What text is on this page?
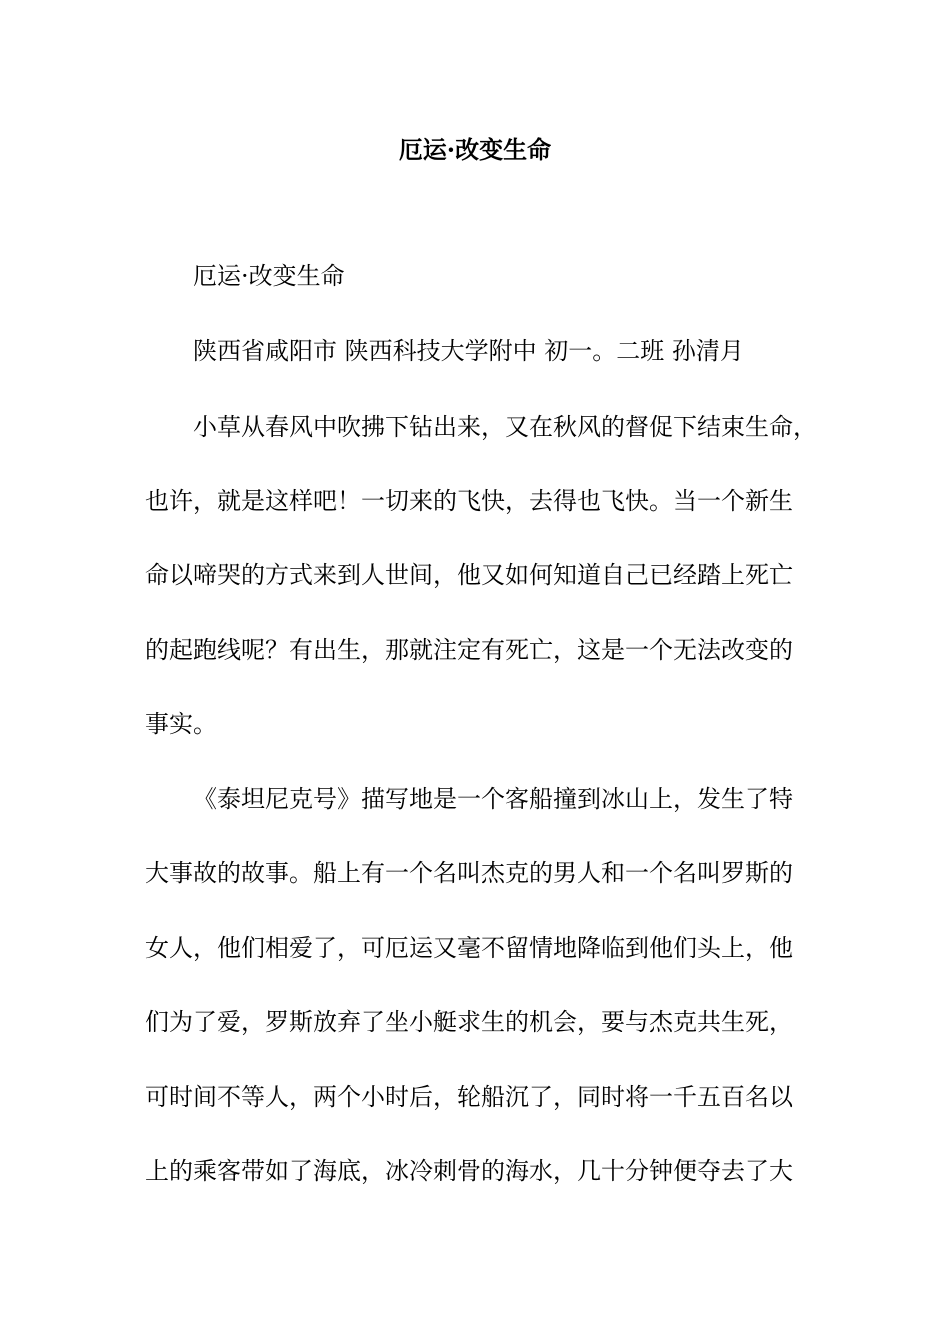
厄运·改变生命
厄运·改变生命
陕西省咸阳市 陕西科技大学附中 初一。二班 孙清月
小草从春风中吹拂下钻出来，又在秋风的督促下结束生命，
也许，就是这样吧！一切来的飞快，去得也飞快。当一个新生
命以啼哭的方式来到人世间，他又如何知道自己已经踏上死亡
的起跑线呢？有出生，那就注定有死亡，这是一个无法改变的
事实。
《泰坦尼克号》描写地是一个客船撞到冰山上，发生了特
大事故的故事。船上有一个名叫杰克的男人和一个名叫罗斯的
女人，他们相爱了，可厄运又毫不留情地降临到他们头上，他
们为了爱，罗斯放弃了坐小艇求生的机会，要与杰克共生死，
可时间不等人，两个小时后，轮船沉了，同时将一千五百名以
上的乘客带如了海底，冰冷刺骨的海水，几十分钟便夺去了大
